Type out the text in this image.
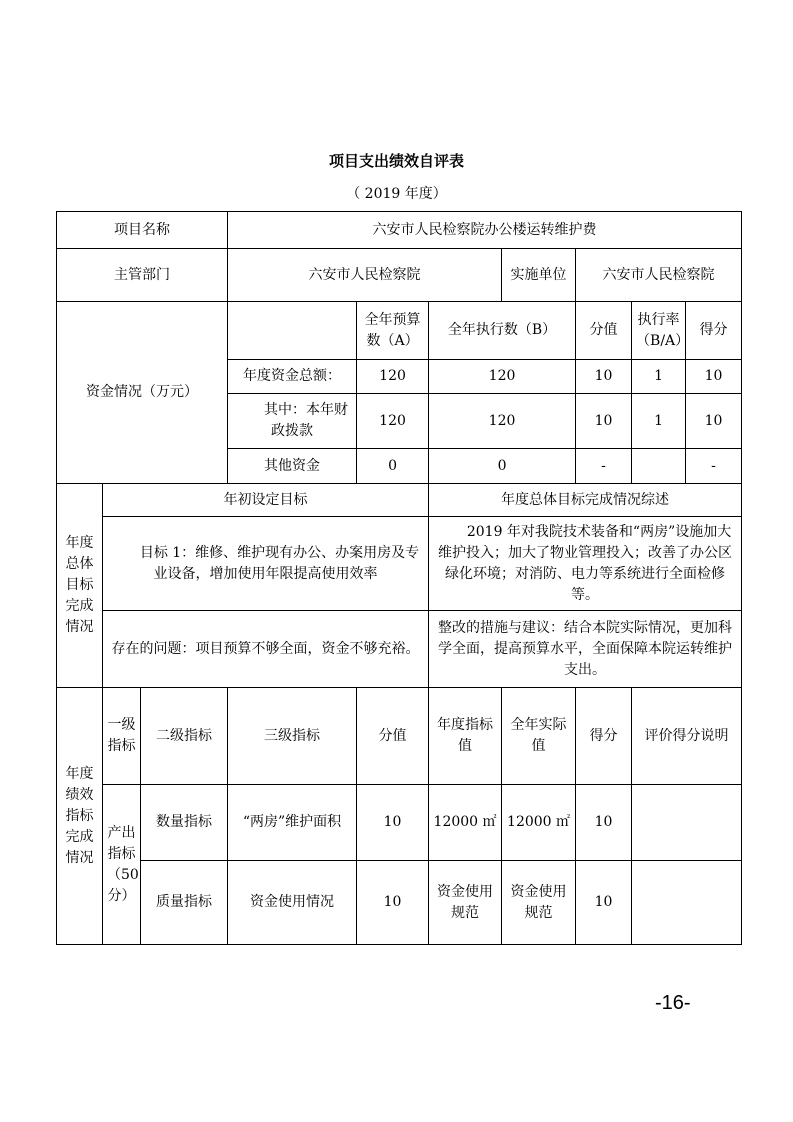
项目支出绩效自评表
（ 2019 年度）
项目名称			六安市人民检察院办公楼运转维护费						
主管部门			六安市人民检察院			实施单位	六安市人民检察院		
资金情况（万元）				全年预算数（A）	全年执行数（B）		分值	执行率（B/A）	得分
			年度资金总额：	120	120		10	1	10
			其中：本年财政拨款	120	120		10	1	10
			其他资金	0	0		-		-
年度总体目标完成情况	年初设定目标				年度总体目标完成情况综述				
	目标 1：维修、维护现有办公、办案用房及专业设备，增加使用年限提高使用效率				2019 年对我院技术装备和“两房”设施加大维护投入；加大了物业管理投入；改善了办公区绿化环境；对消防、电力等系统进行全面检修等。				
	存在的问题：项目预算不够全面，资金不够充裕。				整改的措施与建议：结合本院实际情况，更加科学全面，提高预算水平，全面保障本院运转维护支出。				
年度绩效指标完成情况	一级指标	二级指标	三级指标	分值	年度指标值	全年实际值	得分	评价得分说明	
	产出指标（50分）	数量指标	“两房”维护面积	10	12000 ㎡	12000 ㎡	10		
		质量指标	资金使用情况	10	资金使用规范	资金使用规范	10		
-16-
